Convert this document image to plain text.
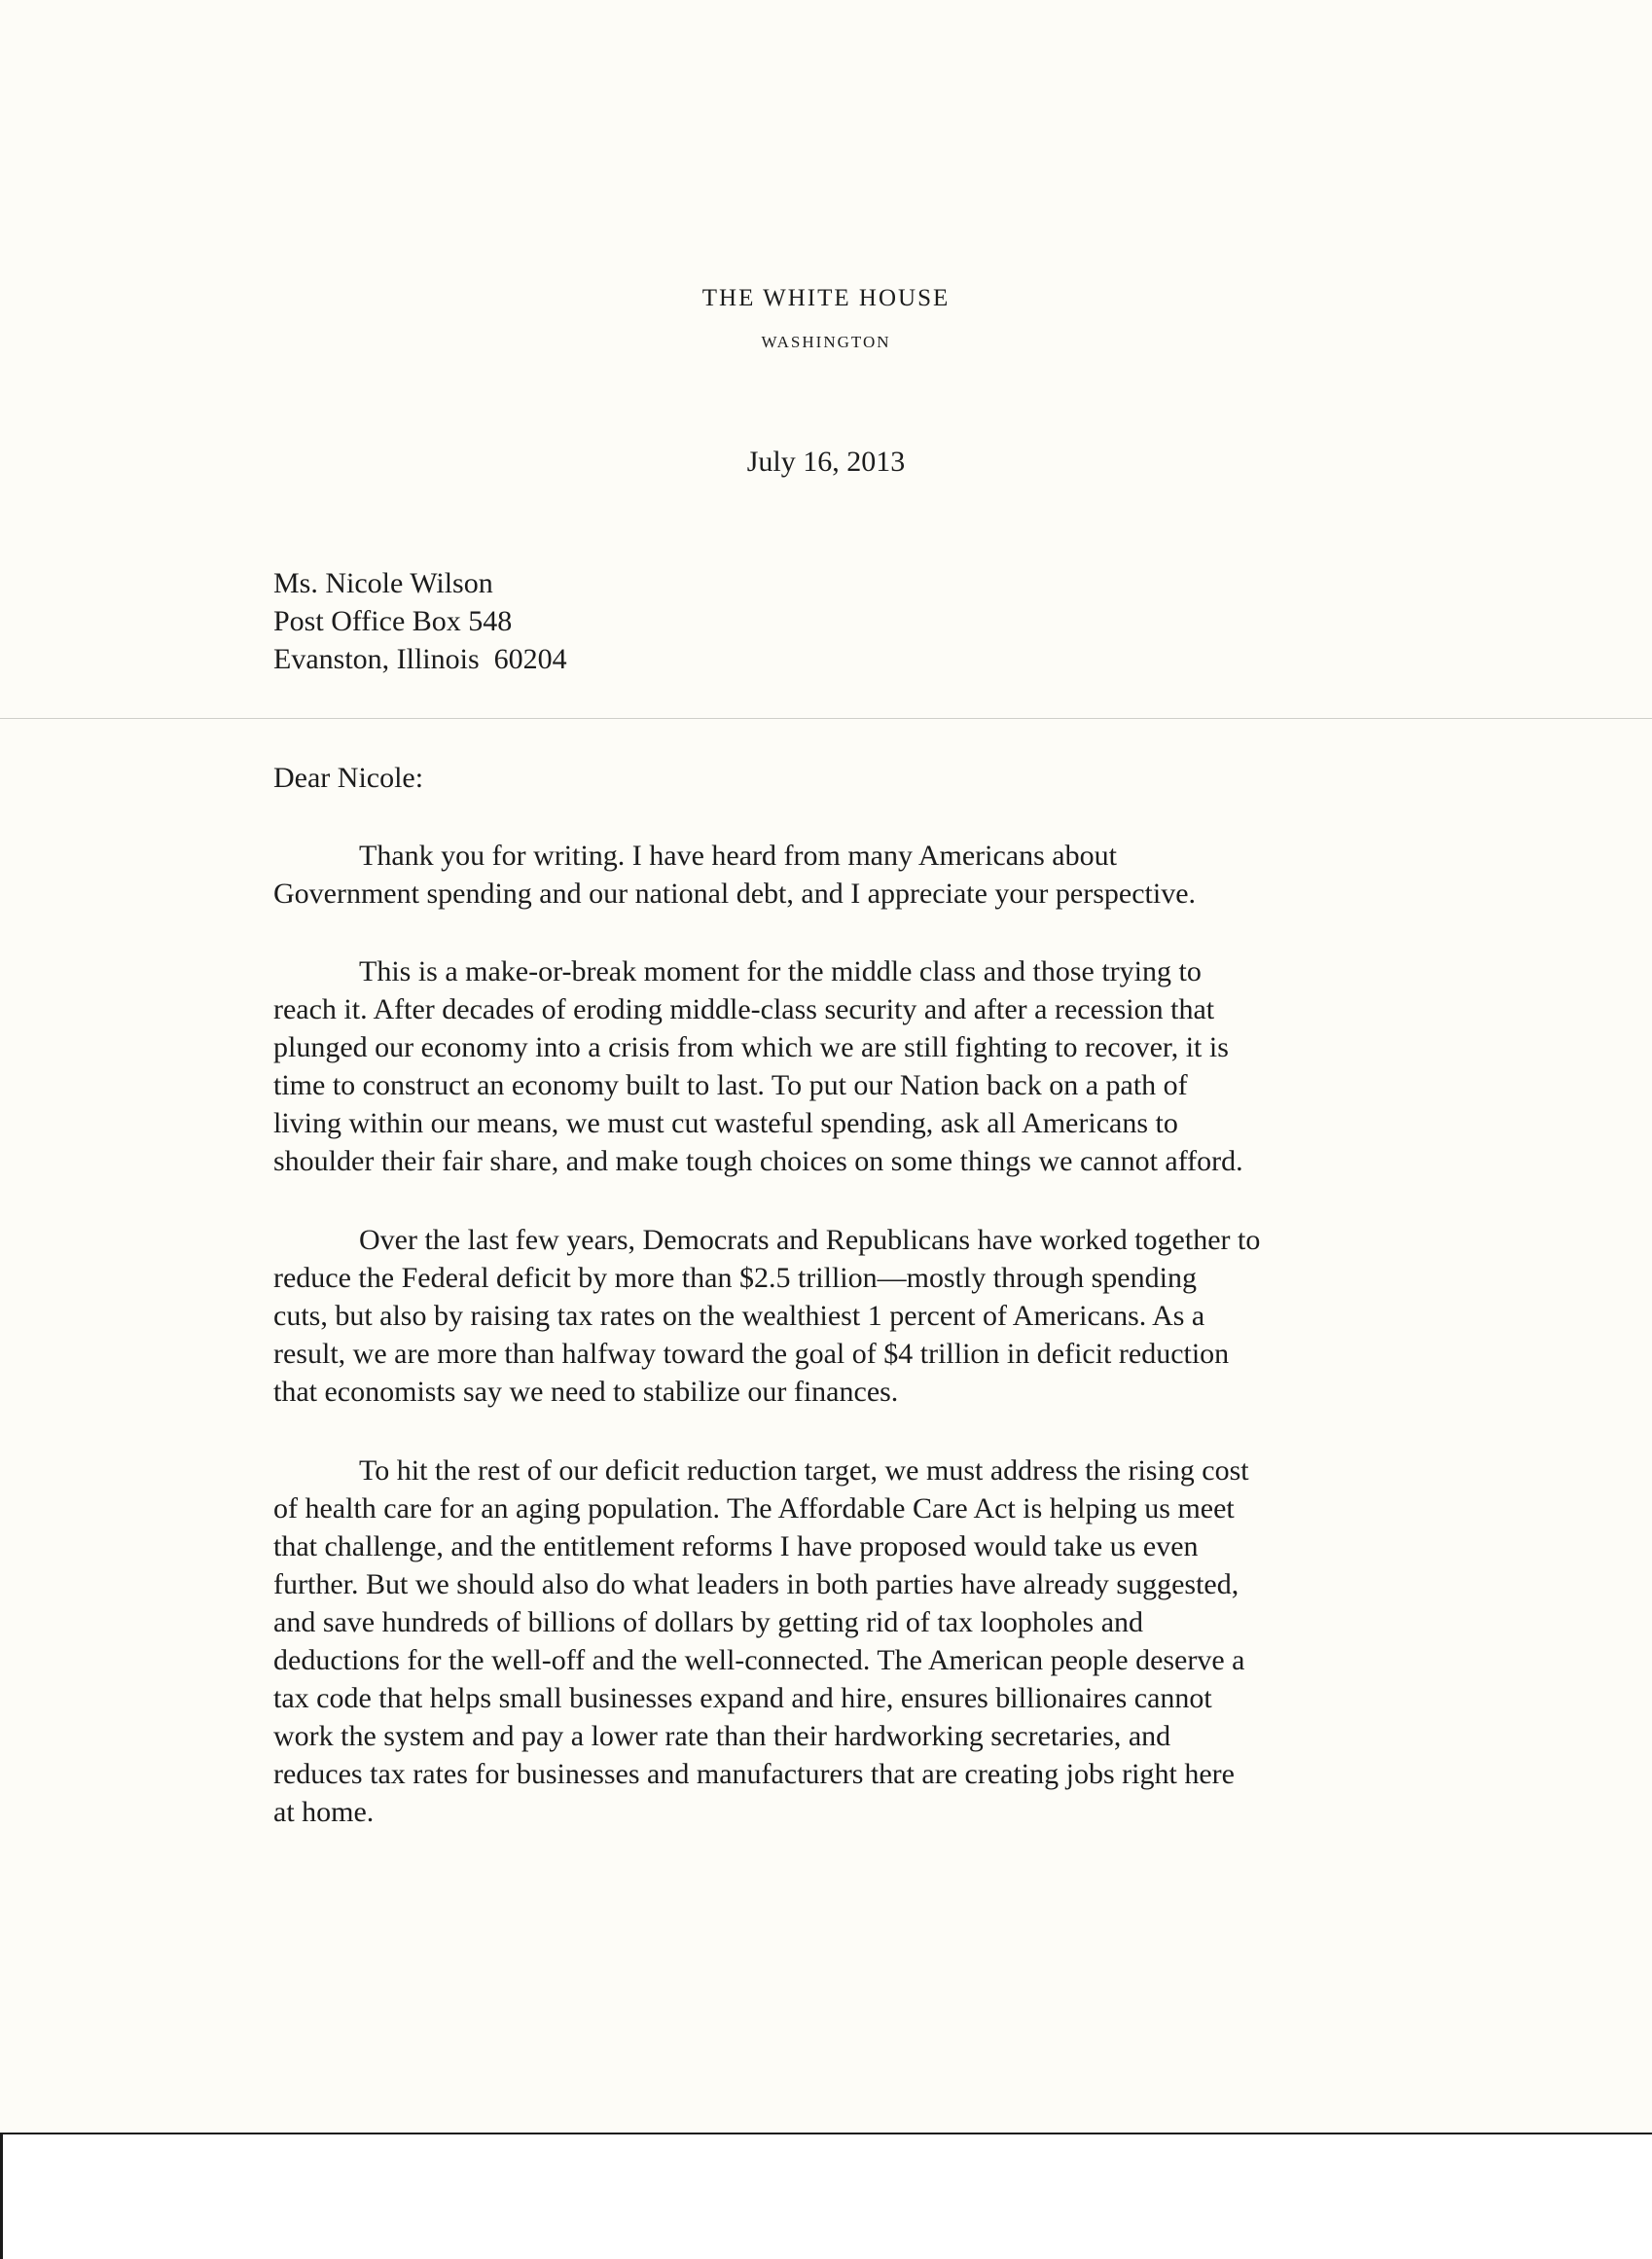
THE WHITE HOUSE
WASHINGTON
July 16, 2013
Ms. Nicole Wilson
Post Office Box 548
Evanston, Illinois  60204
Dear Nicole:
Thank you for writing. I have heard from many Americans about
Government spending and our national debt, and I appreciate your perspective.
This is a make-or-break moment for the middle class and those trying to
reach it. After decades of eroding middle-class security and after a recession that
plunged our economy into a crisis from which we are still fighting to recover, it is
time to construct an economy built to last. To put our Nation back on a path of
living within our means, we must cut wasteful spending, ask all Americans to
shoulder their fair share, and make tough choices on some things we cannot afford.
Over the last few years, Democrats and Republicans have worked together to
reduce the Federal deficit by more than $2.5 trillion—mostly through spending
cuts, but also by raising tax rates on the wealthiest 1 percent of Americans. As a
result, we are more than halfway toward the goal of $4 trillion in deficit reduction
that economists say we need to stabilize our finances.
To hit the rest of our deficit reduction target, we must address the rising cost
of health care for an aging population. The Affordable Care Act is helping us meet
that challenge, and the entitlement reforms I have proposed would take us even
further. But we should also do what leaders in both parties have already suggested,
and save hundreds of billions of dollars by getting rid of tax loopholes and
deductions for the well-off and the well-connected. The American people deserve a
tax code that helps small businesses expand and hire, ensures billionaires cannot
work the system and pay a lower rate than their hardworking secretaries, and
reduces tax rates for businesses and manufacturers that are creating jobs right here
at home.
